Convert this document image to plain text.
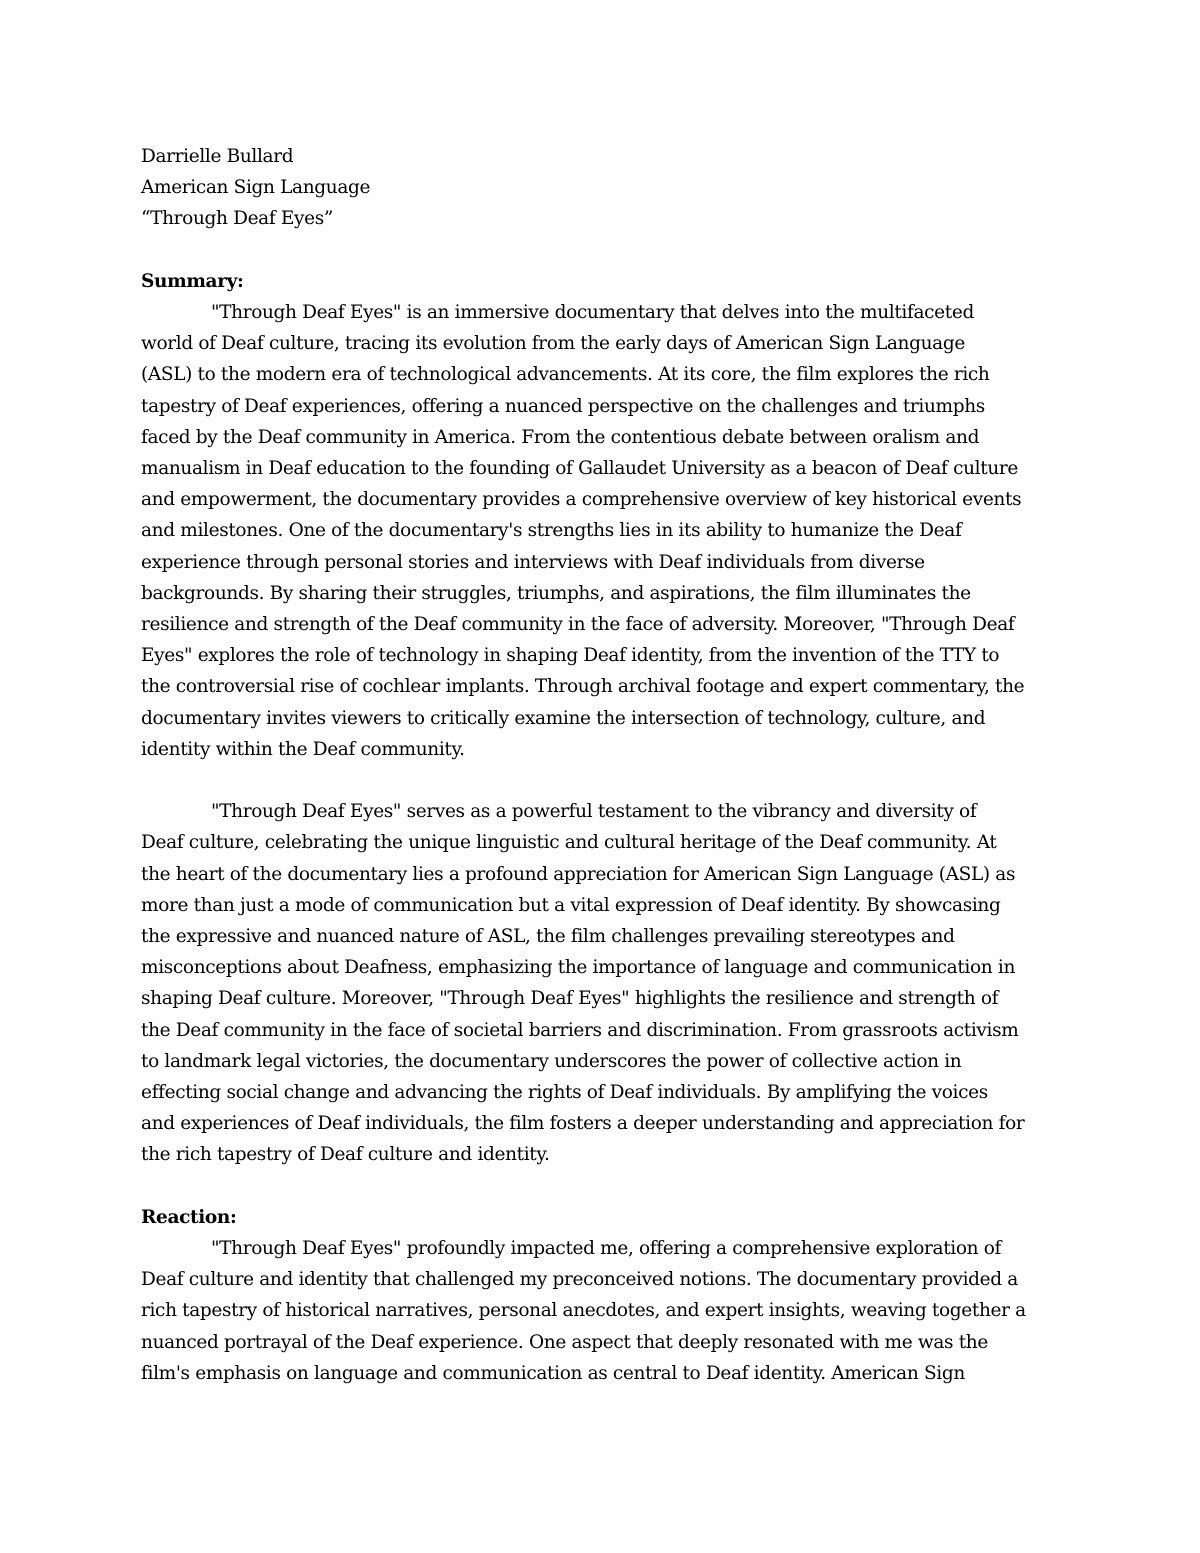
Darrielle Bullard
American Sign Language
“Through Deaf Eyes”

Summary:

"Through Deaf Eyes" is an immersive documentary that delves into the multifaceted
world of Deaf culture, tracing its evolution from the early days of American Sign Language
(ASL) to the modern era of technological advancements. At its core, the film explores the rich
tapestry of Deaf experiences, offering a nuanced perspective on the challenges and triumphs
faced by the Deaf community in America. From the contentious debate between oralism and
manualism in Deaf education to the founding of Gallaudet University as a beacon of Deaf culture
and empowerment, the documentary provides a comprehensive overview of key historical events
and milestones. One of the documentary's strengths lies in its ability to humanize the Deaf
experience through personal stories and interviews with Deaf individuals from diverse
backgrounds. By sharing their struggles, triumphs, and aspirations, the film illuminates the
resilience and strength of the Deaf community in the face of adversity. Moreover, "Through Deaf
Eyes" explores the role of technology in shaping Deaf identity, from the invention of the TTY to
the controversial rise of cochlear implants. Through archival footage and expert commentary, the
documentary invites viewers to critically examine the intersection of technology, culture, and
identity within the Deaf community.

"Through Deaf Eyes" serves as a powerful testament to the vibrancy and diversity of
Deaf culture, celebrating the unique linguistic and cultural heritage of the Deaf community. At
the heart of the documentary lies a profound appreciation for American Sign Language (ASL) as
more than just a mode of communication but a vital expression of Deaf identity. By showcasing
the expressive and nuanced nature of ASL, the film challenges prevailing stereotypes and
misconceptions about Deafness, emphasizing the importance of language and communication in
shaping Deaf culture. Moreover, "Through Deaf Eyes" highlights the resilience and strength of
the Deaf community in the face of societal barriers and discrimination. From grassroots activism
to landmark legal victories, the documentary underscores the power of collective action in
effecting social change and advancing the rights of Deaf individuals. By amplifying the voices
and experiences of Deaf individuals, the film fosters a deeper understanding and appreciation for
the rich tapestry of Deaf culture and identity.

Reaction:

"Through Deaf Eyes" profoundly impacted me, offering a comprehensive exploration of
Deaf culture and identity that challenged my preconceived notions. The documentary provided a
rich tapestry of historical narratives, personal anecdotes, and expert insights, weaving together a
nuanced portrayal of the Deaf experience. One aspect that deeply resonated with me was the
film's emphasis on language and communication as central to Deaf identity. American Sign
